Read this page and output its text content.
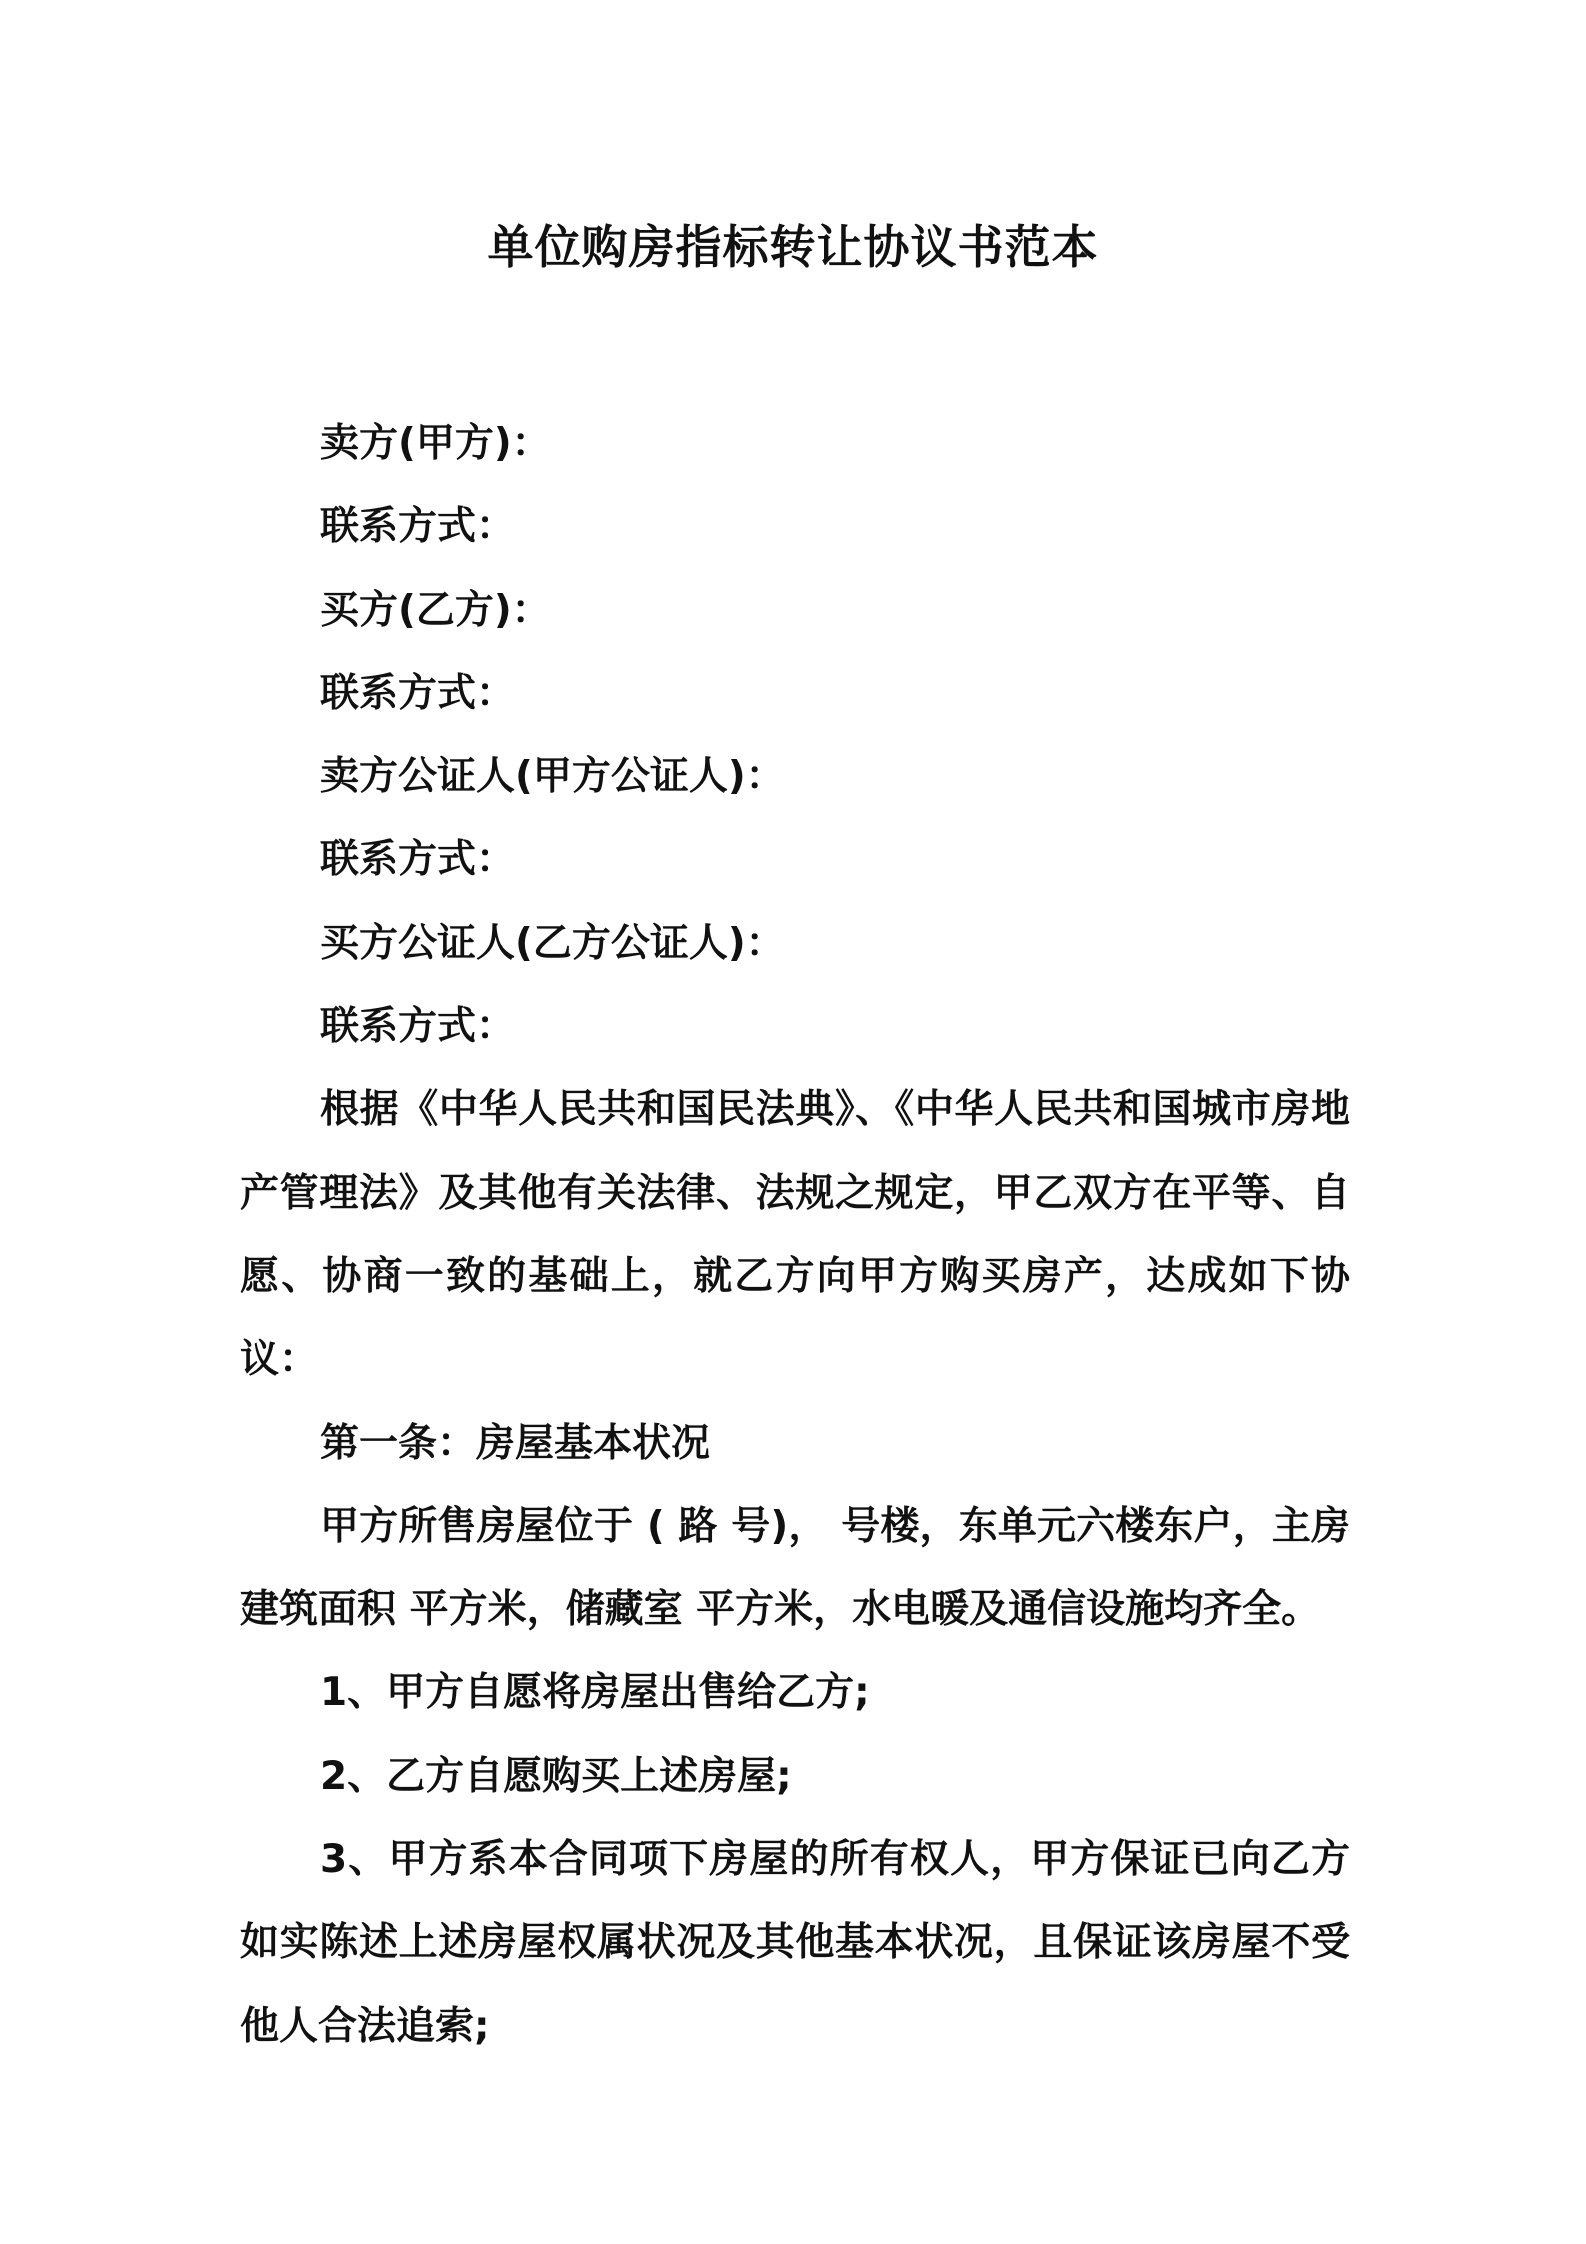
单位购房指标转让协议书范本

卖方(甲方)：

联系方式：

买方(乙方)：

联系方式：

卖方公证人(甲方公证人)：

联系方式：

买方公证人(乙方公证人)：

联系方式：

根据《中华人民共和国民法典》、《中华人民共和国城市房地产管理法》及其他有关法律、法规之规定，甲乙双方在平等、自愿、协商一致的基础上，就乙方向甲方购买房产，达成如下协议：

第一条：房屋基本状况

甲方所售房屋位于 ( 路 号)， 号楼，东单元六楼东户，主房建筑面积 平方米，储藏室 平方米，水电暖及通信设施均齐全。

1、甲方自愿将房屋出售给乙方;

2、乙方自愿购买上述房屋;

3、甲方系本合同项下房屋的所有权人，甲方保证已向乙方如实陈述上述房屋权属状况及其他基本状况，且保证该房屋不受他人合法追索;
